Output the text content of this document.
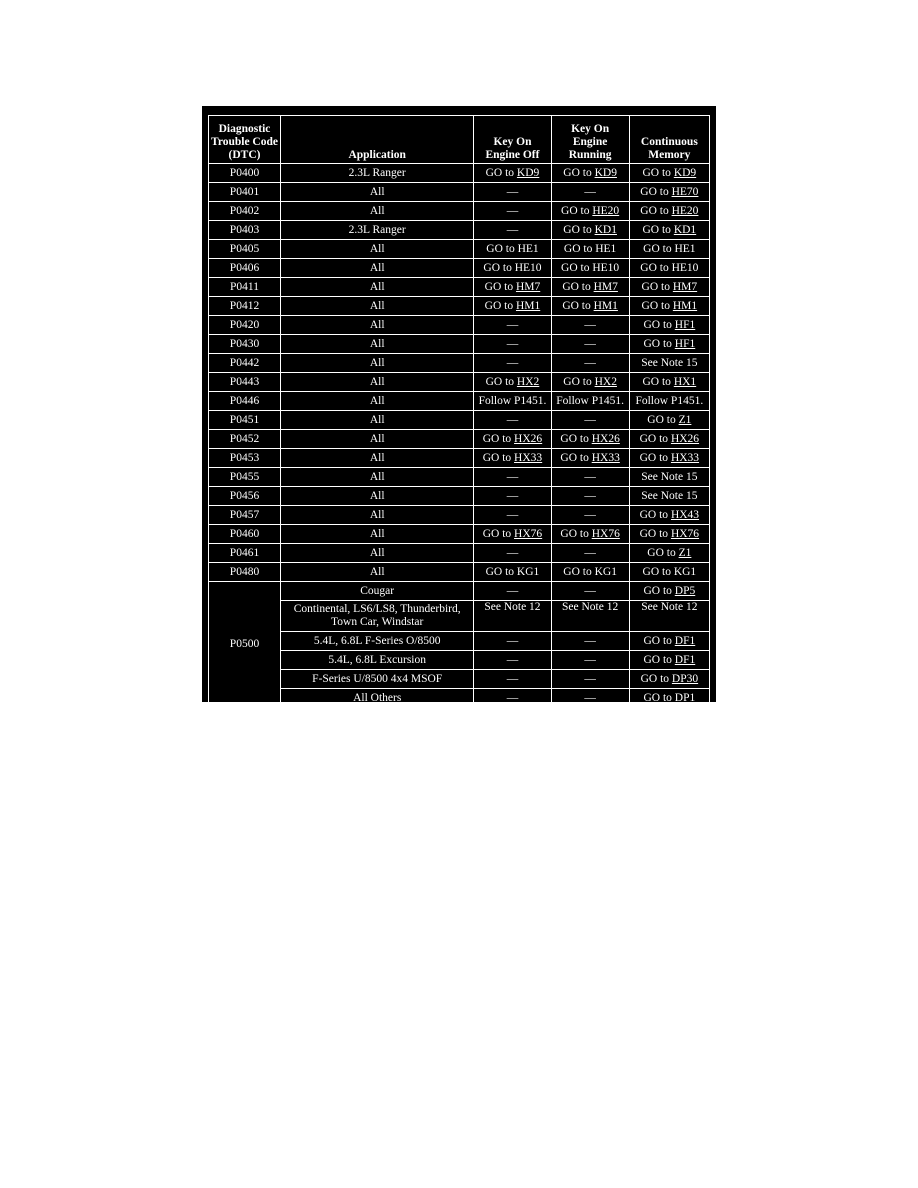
Diagnostic Trouble Code (DTC)	Application	Key On Engine Off	Key On Engine Running	Continuous Memory
P0400	2.3L Ranger	GO to KD9	GO to KD9	GO to KD9
P0401	All	—	—	GO to HE70
P0402	All	—	GO to HE20	GO to HE20
P0403	2.3L Ranger	—	GO to KD1	GO to KD1
P0405	All	GO to HE1	GO to HE1	GO to HE1
P0406	All	GO to HE10	GO to HE10	GO to HE10
P0411	All	GO to HM7	GO to HM7	GO to HM7
P0412	All	GO to HM1	GO to HM1	GO to HM1
P0420	All	—	—	GO to HF1
P0430	All	—	—	GO to HF1
P0442	All	—	—	See Note 15
P0443	All	GO to HX2	GO to HX2	GO to HX1
P0446	All	Follow P1451.	Follow P1451.	Follow P1451.
P0451	All	—	—	GO to Z1
P0452	All	GO to HX26	GO to HX26	GO to HX26
P0453	All	GO to HX33	GO to HX33	GO to HX33
P0455	All	—	—	See Note 15
P0456	All	—	—	See Note 15
P0457	All	—	—	GO to HX43
P0460	All	GO to HX76	GO to HX76	GO to HX76
P0461	All	—	—	GO to Z1
P0480	All	GO to KG1	GO to KG1	GO to KG1
P0500	Cougar	—	—	GO to DP5
	Continental, LS6/LS8, Thunderbird, Town Car, Windstar	See Note 12	See Note 12	See Note 12
	5.4L, 6.8L F-Series O/8500	—	—	GO to DF1
	5.4L, 6.8L Excursion	—	—	GO to DF1
	F-Series U/8500 4x4 MSOF	—	—	GO to DP30
	All Others	—	—	GO to DP1
